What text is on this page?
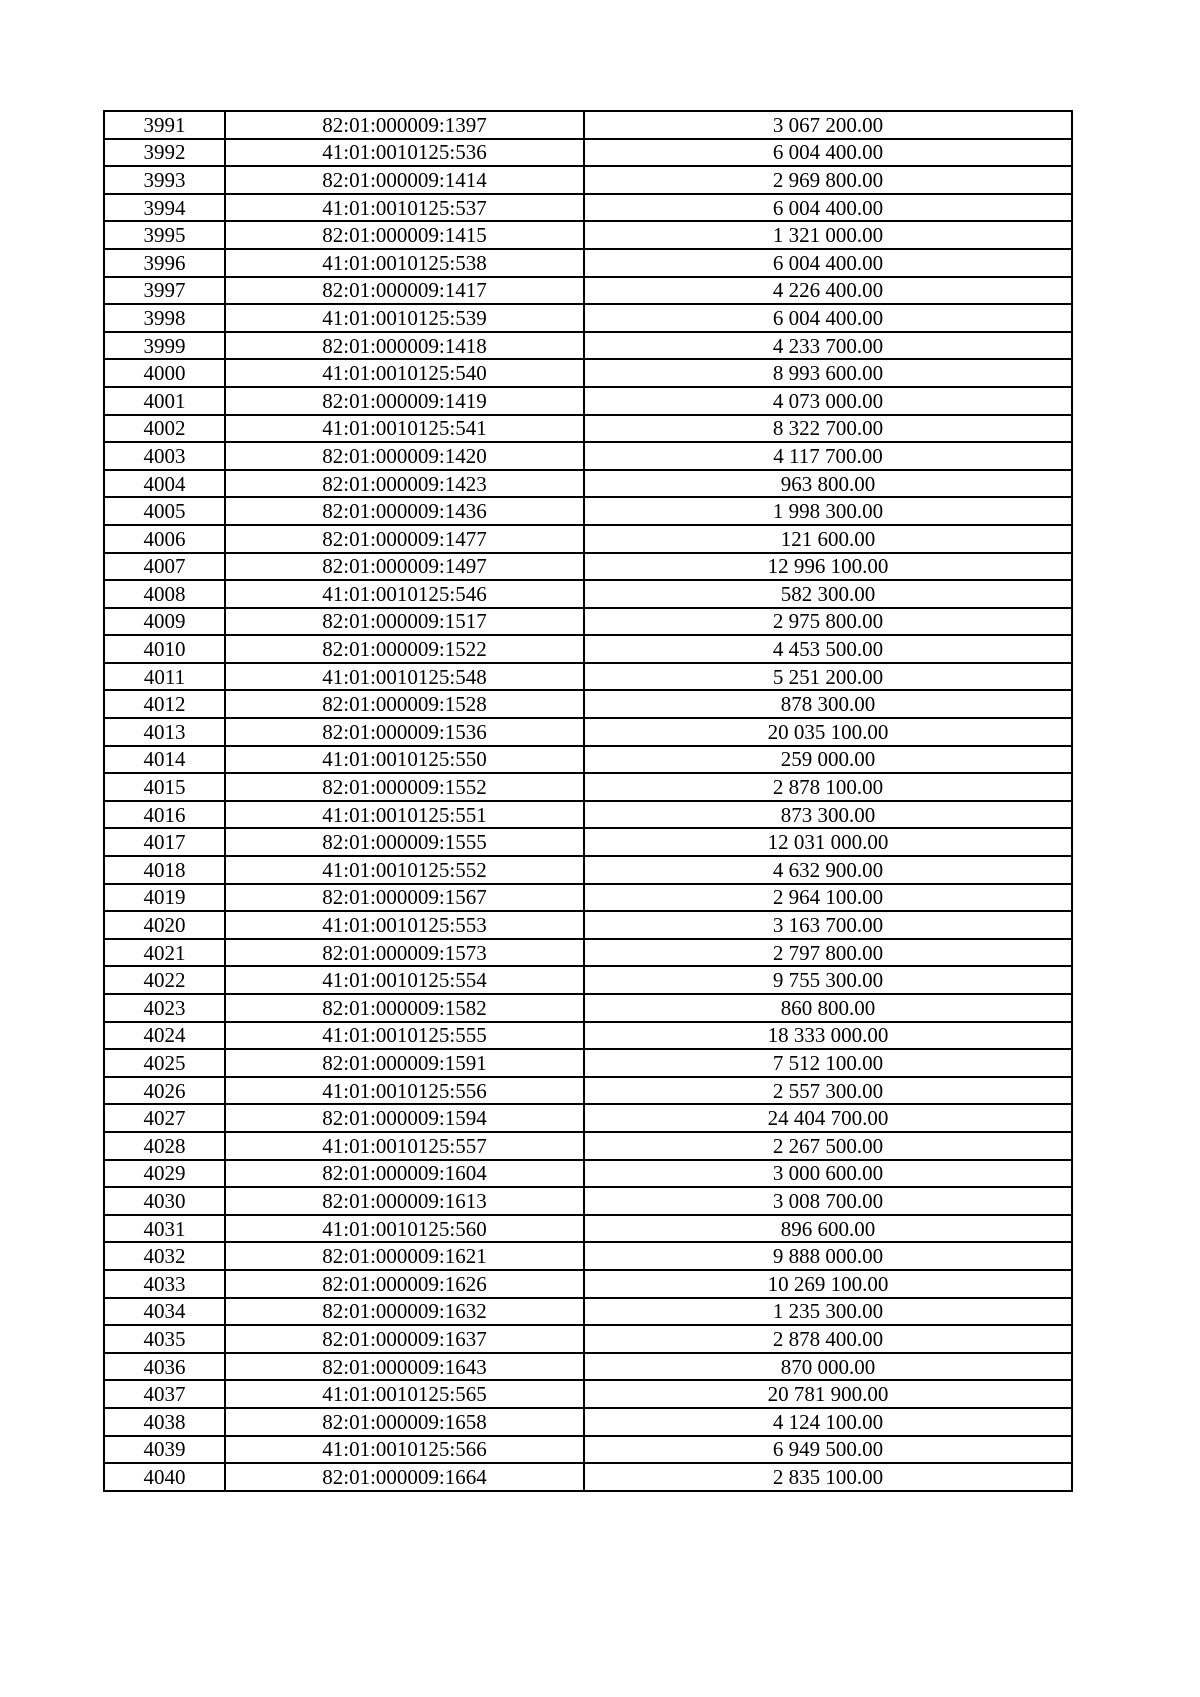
3991	82:01:000009:1397	3 067 200.00
3992	41:01:0010125:536	6 004 400.00
3993	82:01:000009:1414	2 969 800.00
3994	41:01:0010125:537	6 004 400.00
3995	82:01:000009:1415	1 321 000.00
3996	41:01:0010125:538	6 004 400.00
3997	82:01:000009:1417	4 226 400.00
3998	41:01:0010125:539	6 004 400.00
3999	82:01:000009:1418	4 233 700.00
4000	41:01:0010125:540	8 993 600.00
4001	82:01:000009:1419	4 073 000.00
4002	41:01:0010125:541	8 322 700.00
4003	82:01:000009:1420	4 117 700.00
4004	82:01:000009:1423	963 800.00
4005	82:01:000009:1436	1 998 300.00
4006	82:01:000009:1477	121 600.00
4007	82:01:000009:1497	12 996 100.00
4008	41:01:0010125:546	582 300.00
4009	82:01:000009:1517	2 975 800.00
4010	82:01:000009:1522	4 453 500.00
4011	41:01:0010125:548	5 251 200.00
4012	82:01:000009:1528	878 300.00
4013	82:01:000009:1536	20 035 100.00
4014	41:01:0010125:550	259 000.00
4015	82:01:000009:1552	2 878 100.00
4016	41:01:0010125:551	873 300.00
4017	82:01:000009:1555	12 031 000.00
4018	41:01:0010125:552	4 632 900.00
4019	82:01:000009:1567	2 964 100.00
4020	41:01:0010125:553	3 163 700.00
4021	82:01:000009:1573	2 797 800.00
4022	41:01:0010125:554	9 755 300.00
4023	82:01:000009:1582	860 800.00
4024	41:01:0010125:555	18 333 000.00
4025	82:01:000009:1591	7 512 100.00
4026	41:01:0010125:556	2 557 300.00
4027	82:01:000009:1594	24 404 700.00
4028	41:01:0010125:557	2 267 500.00
4029	82:01:000009:1604	3 000 600.00
4030	82:01:000009:1613	3 008 700.00
4031	41:01:0010125:560	896 600.00
4032	82:01:000009:1621	9 888 000.00
4033	82:01:000009:1626	10 269 100.00
4034	82:01:000009:1632	1 235 300.00
4035	82:01:000009:1637	2 878 400.00
4036	82:01:000009:1643	870 000.00
4037	41:01:0010125:565	20 781 900.00
4038	82:01:000009:1658	4 124 100.00
4039	41:01:0010125:566	6 949 500.00
4040	82:01:000009:1664	2 835 100.00
